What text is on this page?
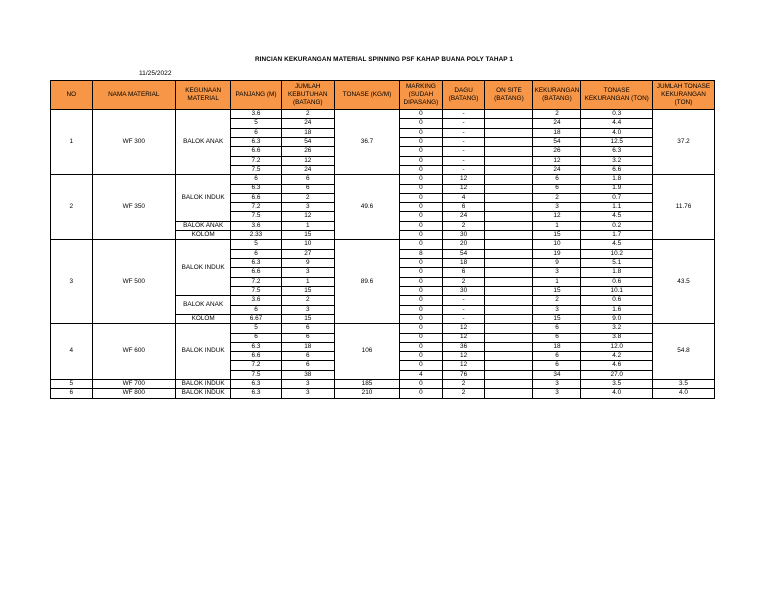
RINCIAN KEKURANGAN MATERIAL SPINNING PSF KAHAP BUANA POLY TAHAP 1
11/25/2022
NO	NAMA MATERIAL	KEGUNAAN MATERIAL	PANJANG (M)	JUMLAH KEBUTUHAN (BATANG)	TONASE (KG/M)	MARKING (SUDAH DIPASANG)	DAGU (BATANG)	ON SITE (BATANG)	KEKURANGAN (BATANG)	TONASE KEKURANGAN (TON)	JUMLAH TONASE KEKURANGAN (TON)
1	WF 300	BALOK ANAK	3.6	2	36.7	0	-		2	0.3	37.2
			5	24		0	-		24	4.4	
			6	18		0	-		18	4.0	
			6.3	54		0	-		54	12.5	
			6.6	26		0	-		26	6.3	
			7.2	12		0	-		12	3.2	
			7.5	24		0	-		24	6.6	
2	WF 350	BALOK INDUK	6	6	49.6	0	12		6	1.8	11.76
			6.3	6		0	12		6	1.9	
			6.6	2		0	4		2	0.7	
			7.2	3		0	6		3	1.1	
			7.5	12		0	24		12	4.5	
		BALOK ANAK	3.6	1		0	2		1	0.2	
		KOLOM	2.33	15		0	30		15	1.7	
3	WF 500	BALOK INDUK	5	10	89.6	0	20		10	4.5	43.5
			6	27		8	54		19	10.2	
			6.3	9		0	18		9	5.1	
			6.6	3		0	6		3	1.8	
			7.2	1		0	2		1	0.6	
			7.5	15		0	30		15	10.1	
		BALOK ANAK	3.6	2		0	-		2	0.6	
			6	3		0	-		3	1.6	
		KOLOM	6.67	15		0	-		15	9.0	
4	WF 600	BALOK INDUK	5	6	106	0	12		6	3.2	54.8
			6	6		0	12		6	3.8	
			6.3	18		0	36		18	12.0	
			6.6	6		0	12		6	4.2	
			7.2	6		0	12		6	4.6	
			7.5	38		4	76		34	27.0	
5	WF 700	BALOK INDUK	6.3	3	185	0	2		3	3.5	3.5
6	WF 800	BALOK INDUK	6.3	3	210	0	2		3	4.0	4.0
